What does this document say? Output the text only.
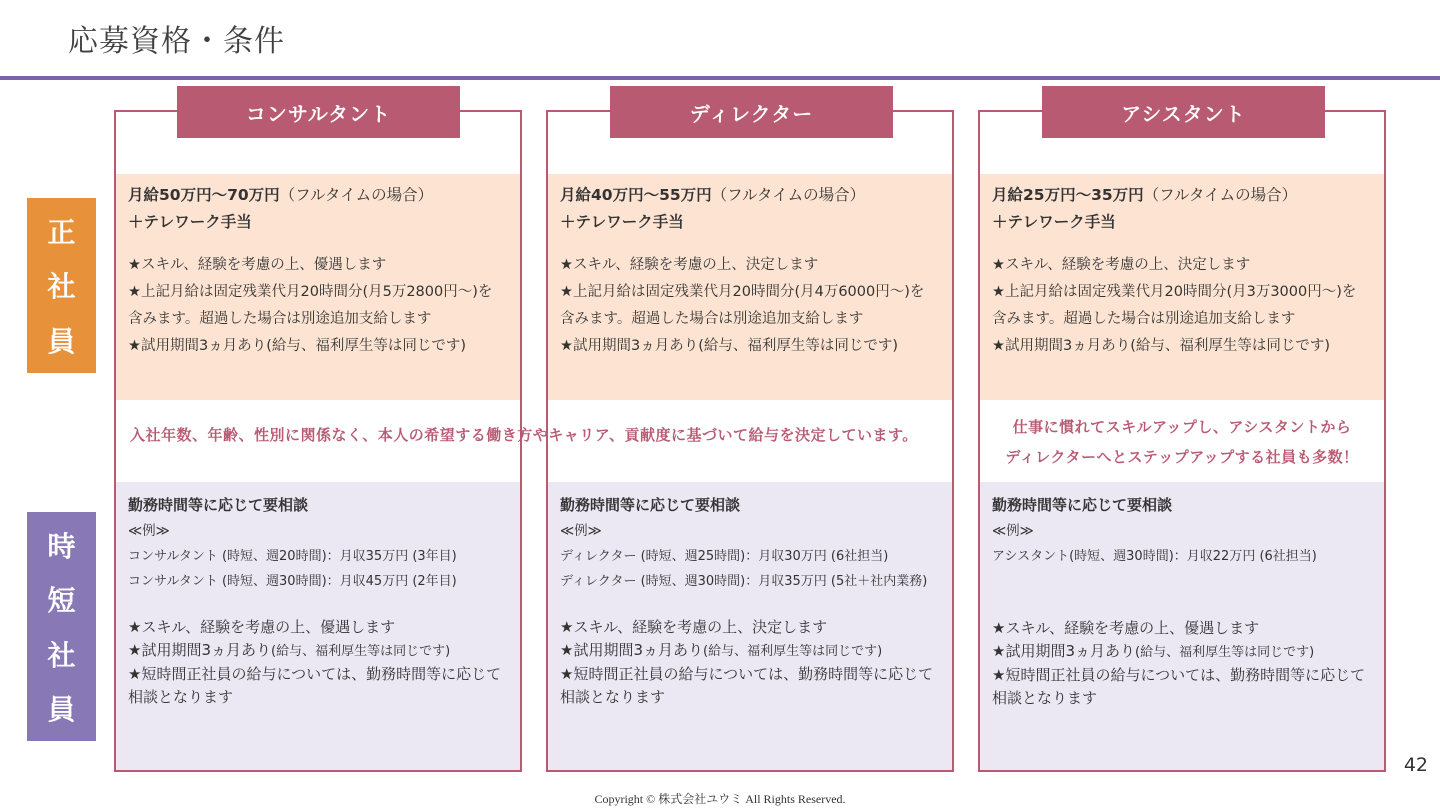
応募資格・条件
正
社
員
時
短
社
員
月給50万円〜70万円（フルタイムの場合）
＋テレワーク手当
★スキル、経験を考慮の上、優遇します
★上記月給は固定残業代月20時間分(月5万2800円〜)を
含みます。超過した場合は別途追加支給します
★試用期間3ヵ月あり(給与、福利厚生等は同じです)
勤務時間等に応じて要相談
≪例≫
コンサルタント (時短、週20時間)：月収35万円 (3年目)
コンサルタント (時短、週30時間)：月収45万円 (2年目)
★スキル、経験を考慮の上、優遇します
★試用期間3ヵ月あり(給与、福利厚生等は同じです)
★短時間正社員の給与については、勤務時間等に応じて相談となります
コンサルタント
月給40万円〜55万円（フルタイムの場合）
＋テレワーク手当
★スキル、経験を考慮の上、決定します
★上記月給は固定残業代月20時間分(月4万6000円〜)を
含みます。超過した場合は別途追加支給します
★試用期間3ヵ月あり(給与、福利厚生等は同じです)
勤務時間等に応じて要相談
≪例≫
ディレクター (時短、週25時間)：月収30万円 (6社担当)
ディレクター (時短、週30時間)：月収35万円 (5社＋社内業務)
★スキル、経験を考慮の上、決定します
★試用期間3ヵ月あり(給与、福利厚生等は同じです)
★短時間正社員の給与については、勤務時間等に応じて相談となります
ディレクター
月給25万円〜35万円（フルタイムの場合）
＋テレワーク手当
★スキル、経験を考慮の上、決定します
★上記月給は固定残業代月20時間分(月3万3000円〜)を
含みます。超過した場合は別途追加支給します
★試用期間3ヵ月あり(給与、福利厚生等は同じです)
勤務時間等に応じて要相談
≪例≫
アシスタント(時短、週30時間)：月収22万円 (6社担当)
★スキル、経験を考慮の上、優遇します
★試用期間3ヵ月あり(給与、福利厚生等は同じです)
★短時間正社員の給与については、勤務時間等に応じて相談となります
アシスタント
入社年数、年齢、性別に関係なく、本人の希望する働き方やキャリア、貢献度に基づいて給与を決定しています。	仕事に慣れてスキルアップし、アシスタントから
ディレクターへとステップアップする社員も多数！
42
Copyright © 株式会社ユウミ All Rights Reserved.
